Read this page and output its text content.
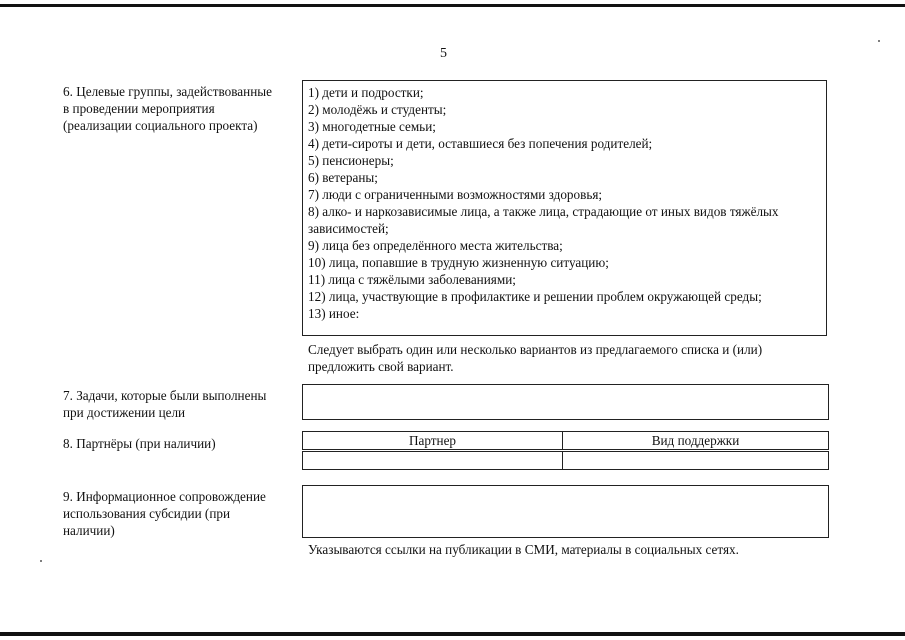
5
6. Целевые группы, задействованные в проведении мероприятия (реализации социального проекта)
1) дети и подростки;
2) молодёжь и студенты;
3) многодетные семьи;
4) дети-сироты и дети, оставшиеся без попечения родителей;
5) пенсионеры;
6) ветераны;
7) люди с ограниченными возможностями здоровья;
8) алко- и наркозависимые лица, а также лица, страдающие от иных видов тяжёлых зависимостей;
9) лица без определённого места жительства;
10) лица, попавшие в трудную жизненную ситуацию;
11) лица с тяжёлыми заболеваниями;
12) лица, участвующие в профилактике и решении проблем окружающей среды;
13) иное:
Следует выбрать один или несколько вариантов из предлагаемого списка и (или) предложить свой вариант.
7. Задачи, которые были выполнены при достижении цели
8. Партнёры (при наличии)	Партнер	Вид поддержки

9. Информационное сопровождение использования субсидии (при наличии)
Указываются ссылки на публикации в СМИ, материалы в социальных сетях.
